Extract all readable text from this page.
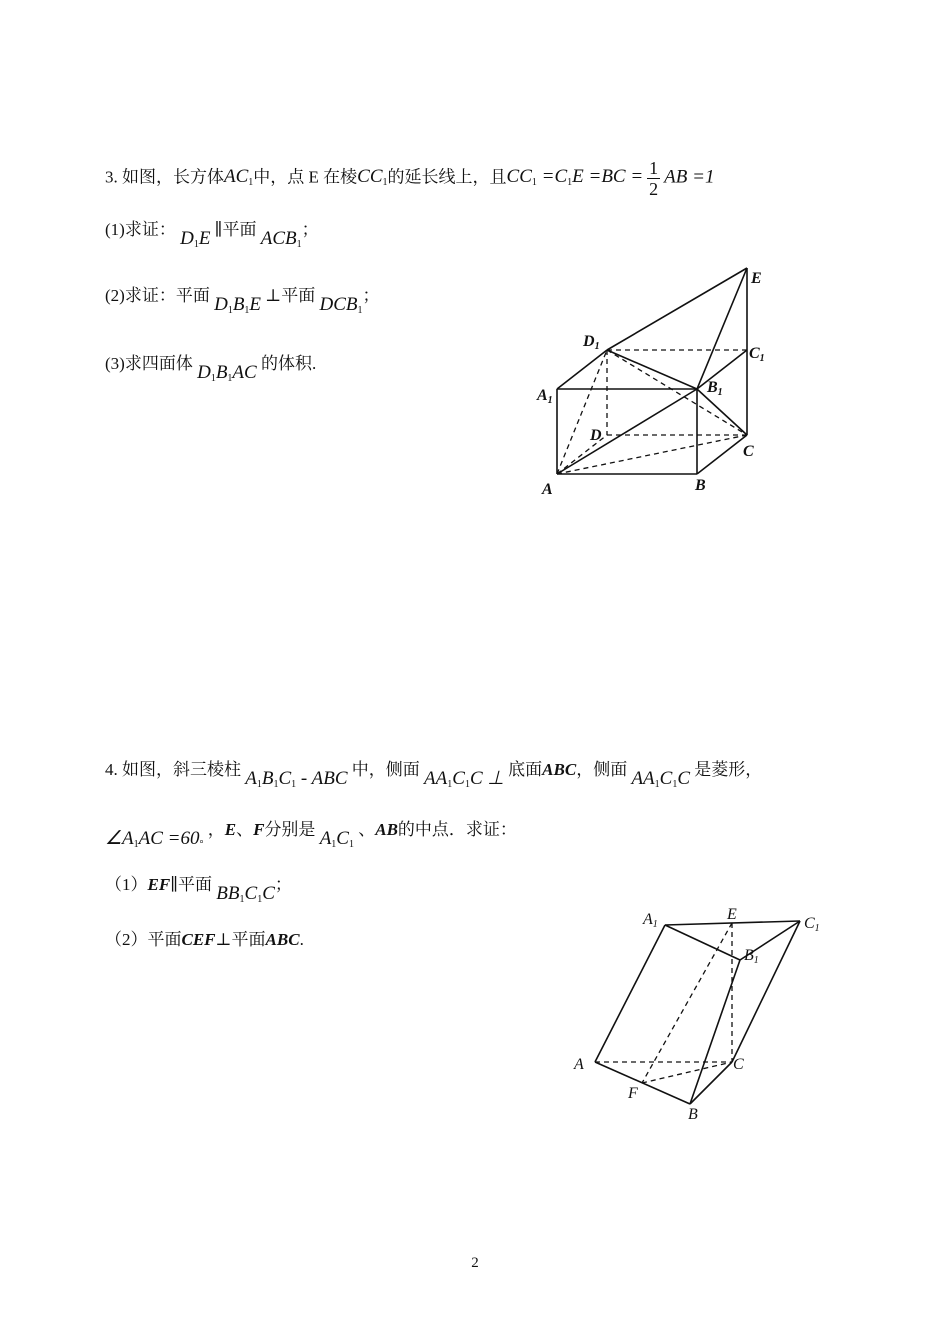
3. 如图，长方体AC1中，点 E 在棱CC1的延长线上，且$CC1 =C1E =BC = \frac{1}{2}$ AB =1
(1)求证： D1E ∥平面 ACB1；
(2)求证：平面 D1B1E ⊥平面 DCB1；
(3)求四面体 D1B1AC 的体积.
E
D1	C1
A1
B1
D
C
A	B
4. 如图，斜三棱柱 A1B1C1 - ABC 中，侧面 AA1C1C ⊥ 底面ABC，侧面 AA1C1C 是菱形，
∠A1AC =60° ，E、F分别是 A1C1 、AB的中点．求证：
（1）EF∥平面 BB1C1C；
（2）平面CEF⊥平面ABC.
A1
E
C1
B1
A	C
F
B
2
